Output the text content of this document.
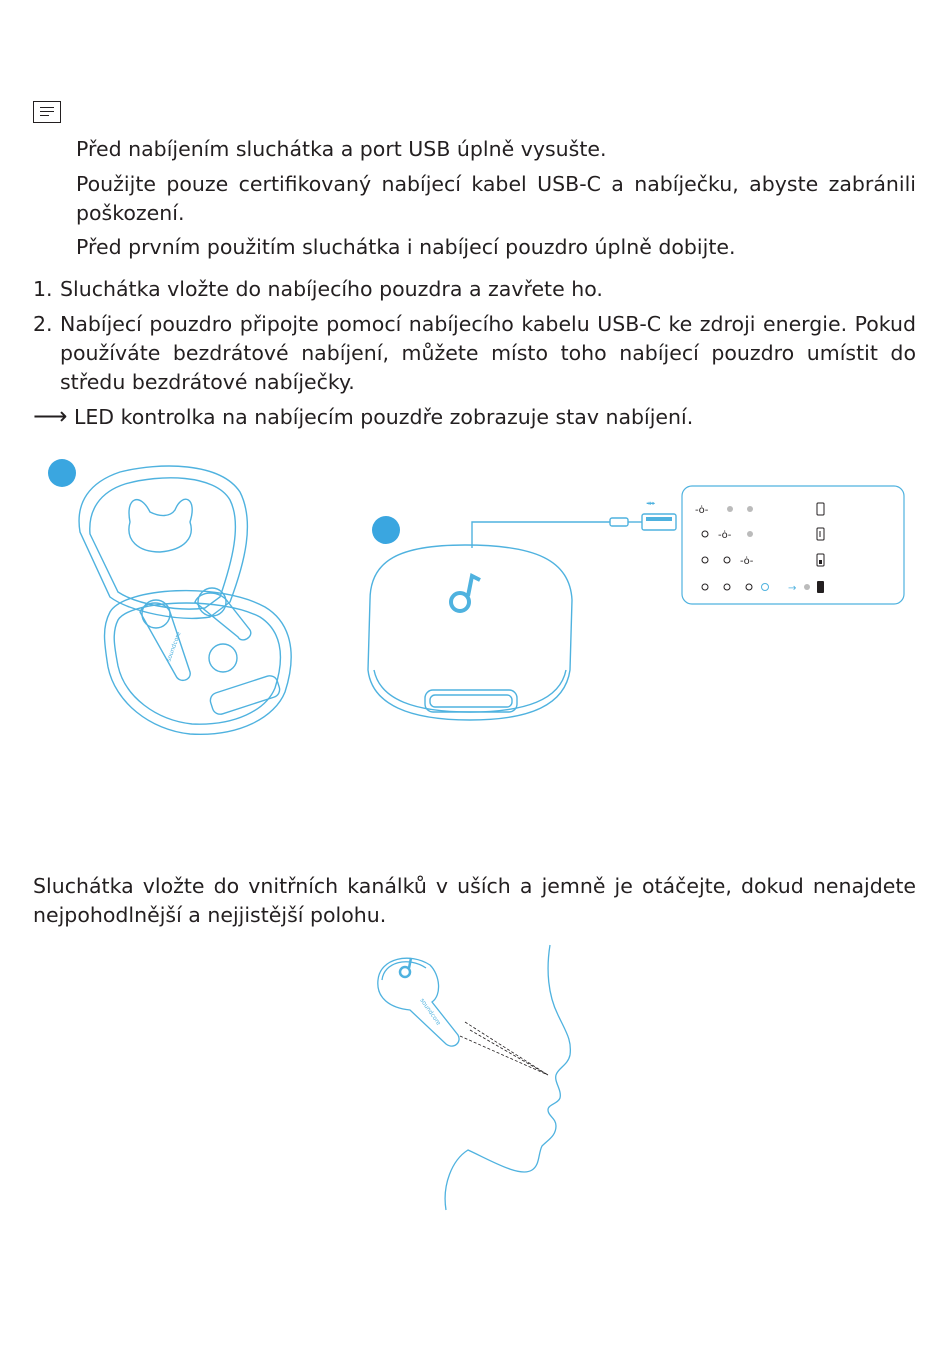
Před nabíjením sluchátka a port USB úplně vysušte.
Použijte pouze certifikovaný nabíjecí kabel USB-C a nabíječku, abyste zabránili poškození.
Před prvním použitím sluchátka i nabíjecí pouzdro úplně dobijte.
1. Sluchátka vložte do nabíjecího pouzdra a zavřete ho.
2. Nabíjecí pouzdro připojte pomocí nabíjecího kabelu USB-C ke zdroji energie. Pokud používáte bezdrátové nabíjení, můžete místo toho nabíjecí pouzdro umístit do středu bezdrátové nabíječky.
⟶ LED kontrolka na nabíjecím pouzdře zobrazuje stav nabíjení.
soundcore
⭼	-ȯ-
-ȯ-
-ȯ-
→
Sluchátka vložte do vnitřních kanálků v uších a jemně je otáčejte, dokud nenajdete nejpohodlnější a nejjistější polohu.
soundcore
